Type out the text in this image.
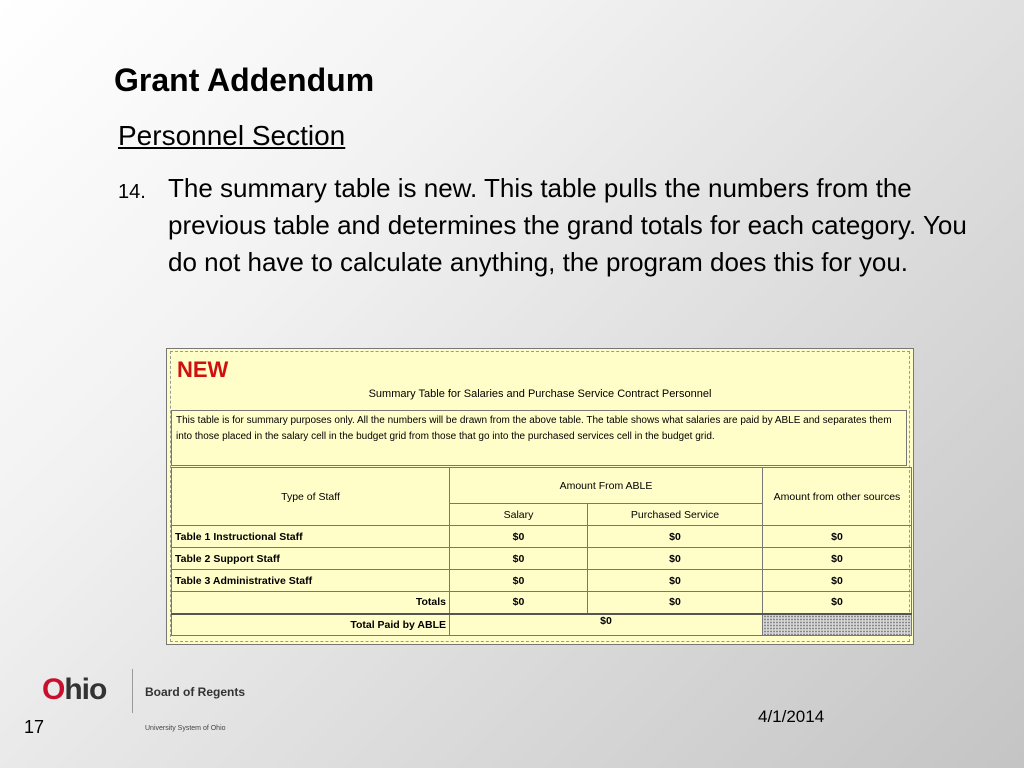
Grant Addendum
Personnel Section
14. The summary table is new. This table pulls the numbers from the previous table and determines the grand totals for each category. You do not have to calculate anything, the program does this for you.
NEW
Summary Table for Salaries and Purchase Service Contract Personnel
This table is for summary purposes only. All the numbers will be drawn from the above table. The table shows what salaries are paid by ABLE and separates them into those placed in the salary cell in the budget grid from those that go into the purchased services cell in the budget grid.
Type of Staff	Amount From ABLE		Amount from other sources
	Salary	Purchased Service	
Table 1 Instructional Staff	$0	$0	$0
Table 2 Support Staff	$0	$0	$0
Table 3 Administrative Staff	$0	$0	$0
Totals	$0	$0	$0
Total Paid by ABLE	$0		
Ohio	Board of Regents
University System of Ohio
17
4/1/2014
